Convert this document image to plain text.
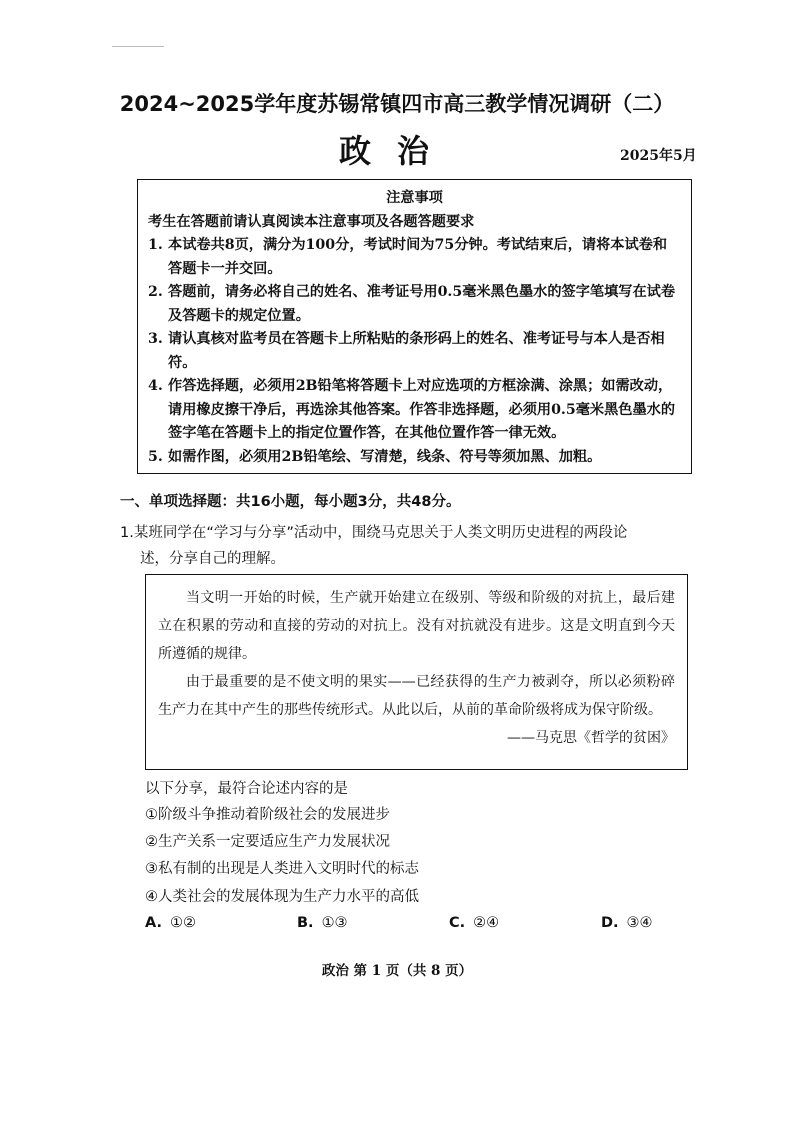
2024~2025学年度苏锡常镇四市高三教学情况调研（二）
政治	2025年5月
注意事项
考生在答题前请认真阅读本注意事项及各题答题要求
1. 本试卷共8页，满分为100分，考试时间为75分钟。考试结束后，请将本试卷和答题卡一并交回。
2. 答题前，请务必将自己的姓名、准考证号用0.5毫米黑色墨水的签字笔填写在试卷及答题卡的规定位置。
3. 请认真核对监考员在答题卡上所粘贴的条形码上的姓名、准考证号与本人是否相符。
4. 作答选择题，必须用2B铅笔将答题卡上对应选项的方框涂满、涂黑；如需改动，请用橡皮擦干净后，再选涂其他答案。作答非选择题，必须用0.5毫米黑色墨水的签字笔在答题卡上的指定位置作答，在其他位置作答一律无效。
5. 如需作图，必须用2B铅笔绘、写清楚，线条、符号等须加黑、加粗。
一、单项选择题：共16小题，每小题3分，共48分。
1.某班同学在“学习与分享”活动中，围绕马克思关于人类文明历史进程的两段论
述，分享自己的理解。

当文明一开始的时候，生产就开始建立在级别、等级和阶级的对抗上，最后建立在积累的劳动和直接的劳动的对抗上。没有对抗就没有进步。这是文明直到今天所遵循的规律。

由于最重要的是不使文明的果实——已经获得的生产力被剥夺，所以必须粉碎生产力在其中产生的那些传统形式。从此以后，从前的革命阶级将成为保守阶级。

——马克思《哲学的贫困》

以下分享，最符合论述内容的是
①阶级斗争推动着阶级社会的发展进步
②生产关系一定要适应生产力发展状况
③私有制的出现是人类进入文明时代的标志
④人类社会的发展体现为生产力水平的高低
A. ①②	B. ①③	C. ②④	D. ③④
政治 第 1 页（共 8 页）
